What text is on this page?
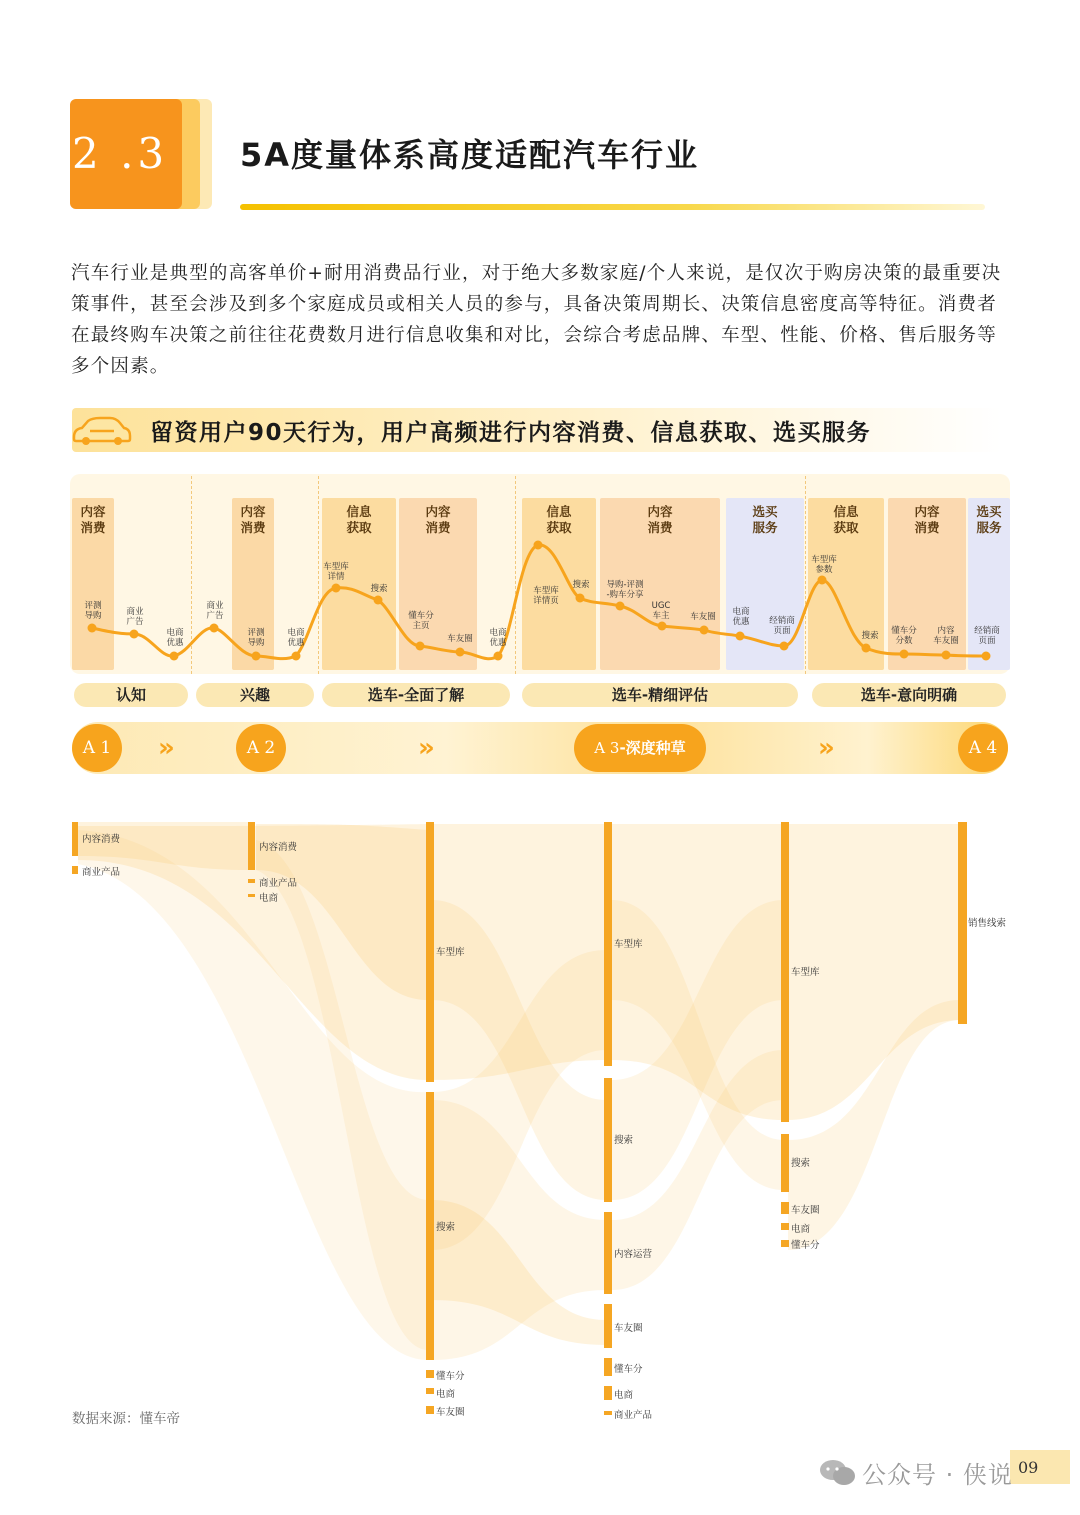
2 .3	5A度量体系高度适配汽车行业
汽车行业是典型的高客单价+耐用消费品行业，对于绝大多数家庭/个人来说，是仅次于购房决策的最重要决策事件，甚至会涉及到多个家庭成员或相关人员的参与，具备决策周期长、决策信息密度高等特征。消费者在最终购车决策之前往往花费数月进行信息收集和对比，会综合考虑品牌、车型、性能、价格、售后服务等多个因素。
留资用户90天行为，用户高频进行内容消费、信息获取、选买服务
内容
消费
内容
消费
信息
获取
内容
消费
信息
获取
内容
消费
选买
服务
信息
获取
内容
消费
选买
服务
评测
导购	商业
广告
电商
优惠
商业
广告
评测
导购
电商
优惠
车型库
详情
搜索
懂车分
主页
车友圈
电商
优惠
车型库
详情页
搜索	导购-评测
-购车分享
UGC
车主	车友圈	电商
优惠	经销商
页面
车型库
参数
搜索	懂车分
分数
内容
车友圈
经销商
页面
认知	兴趣	选车-全面了解	选车-精细评估	选车-意向明确
A 1	A 2	A 3-深度种草	A 4
»	»	»
内容消费
商业产品
内容消费
商业产品
电商
车型库
搜索
懂车分
电商
车友圈
车型库
搜索
内容运营
车友圈
懂车分
电商
商业产品
车型库
搜索
车友圈
电商
懂车分
销售线索
数据来源：懂车帝
09
公众号 · 侠说
